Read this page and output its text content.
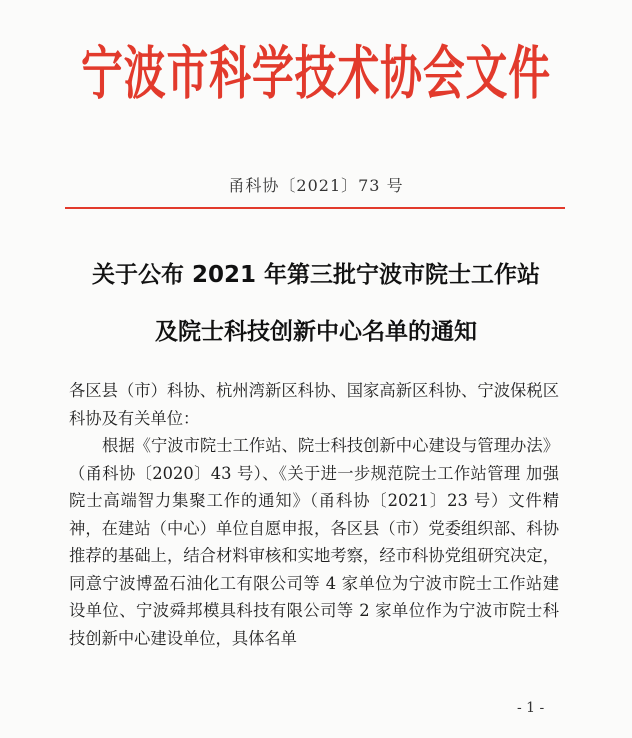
宁波市科学技术协会文件
甬科协〔2021〕73 号
关于公布 2021 年第三批宁波市院士工作站
及院士科技创新中心名单的通知
各区县（市）科协、杭州湾新区科协、国家高新区科协、宁波保税区科协及有关单位：
根据《宁波市院士工作站、院士科技创新中心建设与管理办法》（甬科协〔2020〕43 号）、《关于进一步规范院士工作站管理 加强院士高端智力集聚工作的通知》（甬科协〔2021〕23 号）文件精神，在建站（中心）单位自愿申报，各区县（市）党委组织部、科协推荐的基础上，结合材料审核和实地考察，经市科协党组研究决定，同意宁波博盈石油化工有限公司等 4 家单位为宁波市院士工作站建设单位、宁波舜邦模具科技有限公司等 2 家单位作为宁波市院士科技创新中心建设单位，具体名单
- 1 -
